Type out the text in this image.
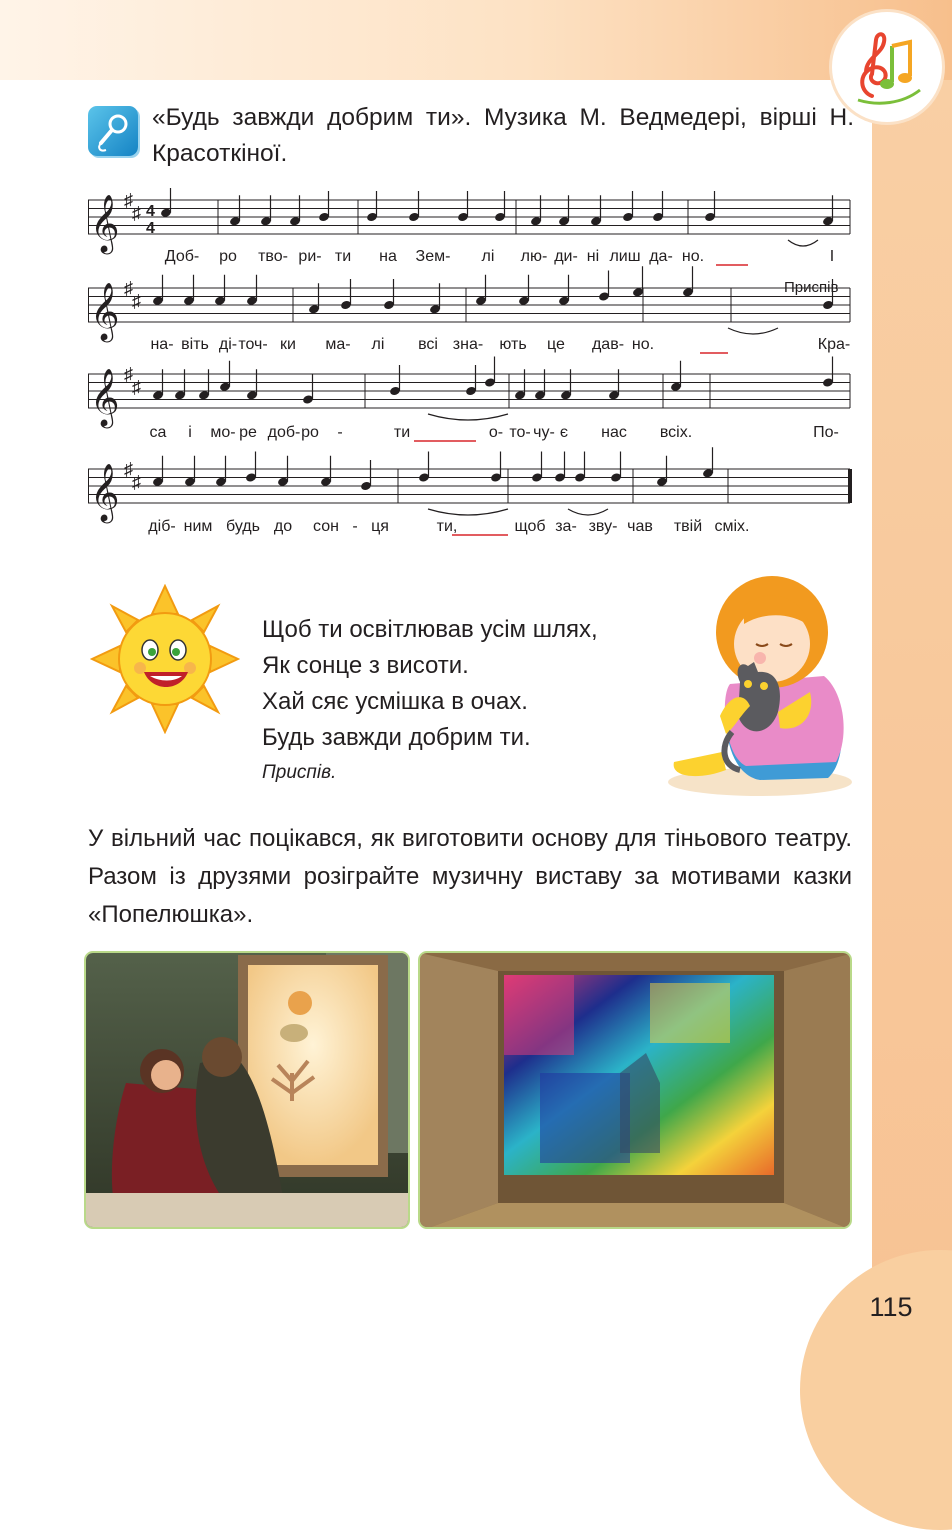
«Будь завжди добрим ти». Музика М. Ведмедері, вірші Н. Красоткіної.
𝄞 ♯
♯ 4
4
𝄞 ♯
♯
𝄞 ♯
♯
𝄞 ♯
♯
Доб- ро тво- ри- ти на Зем- лі лю- ди- ні лиш да- но.	І
на- віть ді- точ- ки ма- лі всі зна- ють це дав- но.	Кра-
са і мо- ре доб- ро -	ти	о- то- чу- є нас всіх.	По-
діб- ним будь до сон - ця	ти,	щоб за- зву- чав твій сміх.
Приспів
Щоб ти освітлював усім шлях,
Як сонце з висоти.
Хай сяє усмішка в очах.
Будь завжди добрим ти.
Приспів.

У вільний час поцікався, як виготовити основу для тіньового театру. Разом із друзями розіграйте музичну виставу за мотивами казки «Попелюшка».

115
